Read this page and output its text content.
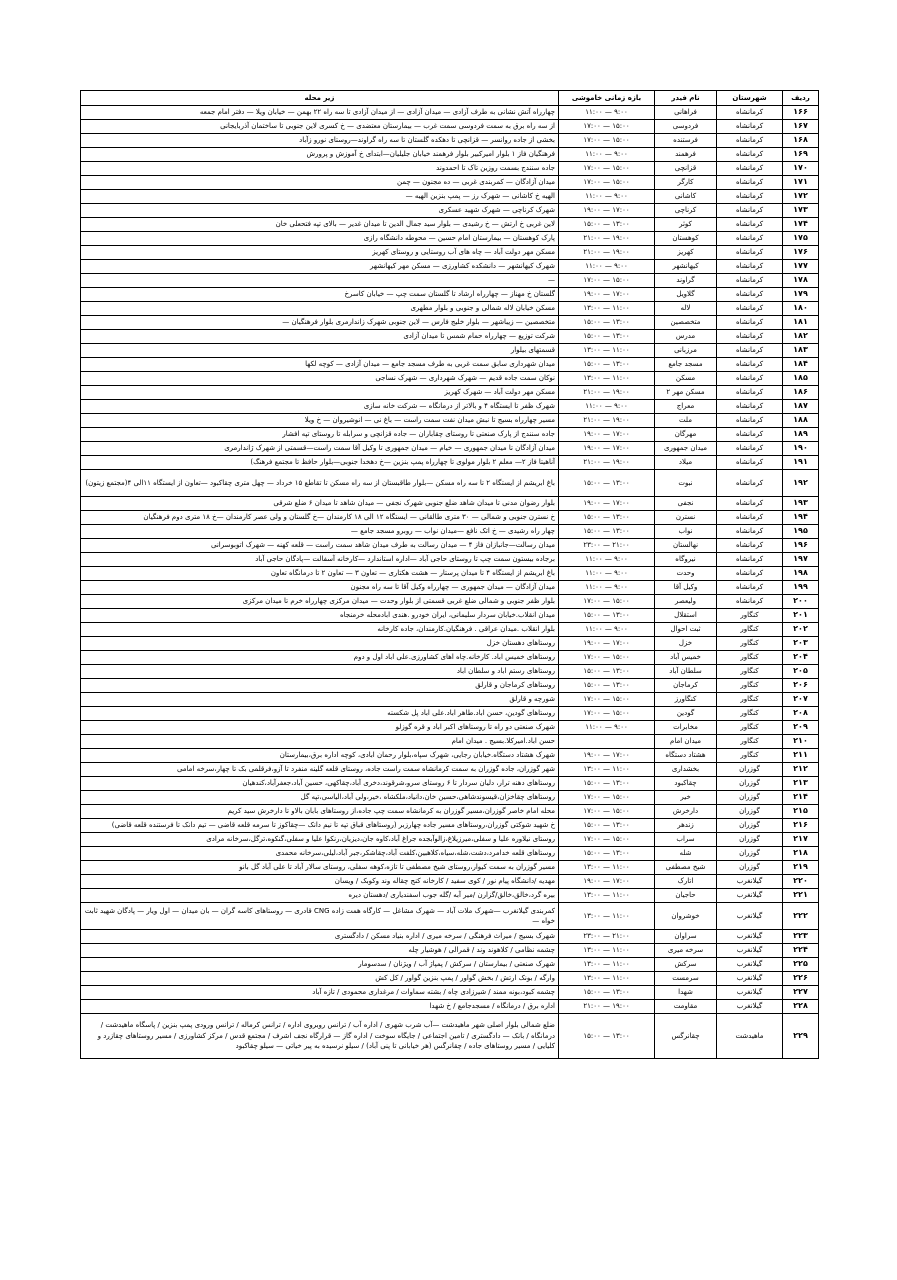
ردیف	شهرستان	نام فیدر	بازه زمانی خاموشی	زیر محله
۱۶۶	کرمانشاه	فراهانی	۹:۰۰ — ۱۱:۰۰	چهارراه آتش نشانی به طرف آزادی — میدان آزادی — از میدان آزادی تا سه راه ۲۲ بهمن — خیابان ویلا — دفتر امام جمعه
۱۶۷	کرمانشاه	فردوسی	۱۵:۰۰ — ۱۷:۰۰	از سه راه برق به سمت فردوسی سمت غرب — بیمارستان معتضدی — خ کسری لاین جنوبی تا ساختمان آذربایجانی
۱۶۸	کرمانشاه	فرستنده	۱۵:۰۰ — ۱۷:۰۰	بخشی از جاده روانسر — قزانچی تا دهکده گلستان تا سه راه گراوند—روستای نورو زآباد
۱۶۹	کرمانشاه	فرهمند	۹:۰۰ — ۱۱:۰۰	فرهنگیان فاز ۱ بلوار امیرکبیر بلوار فرهمند خیابان جلیلیان—ابتدای خ آموزش و پرورش
۱۷۰	کرمانشاه	قزانچی	۱۵:۰۰ — ۱۷:۰۰	جاده سنندج بسمت روزین تاک تا احمدوند
۱۷۱	کرمانشاه	کارگر	۱۵:۰۰ — ۱۷:۰۰	میدان آزادگان — کمربندی غربی — ده مجنون — چمن
۱۷۲	کرمانشاه	کاشانی	۹:۰۰ — ۱۱:۰۰	الهیه خ کاشانی — شهرک رز — پمپ بنزین الهیه —
۱۷۳	کرمانشاه	کرناچی	۱۷:۰۰ — ۱۹:۰۰	شهرک کرناچی — شهرک شهید عسکری
۱۷۴	کرمانشاه	کوثر	۱۳:۰۰ — ۱۵:۰۰	لاین غربی خ ارتش — خ رشیدی — بلوار سید جمال الدین تا میدان غدیر — بالای تپه فتحعلی خان
۱۷۵	کرمانشاه	کوهستان	۱۹:۰۰ — ۲۱:۰۰	پارک کوهستان — بیمارستان امام حسین — محوطه دانشگاه رازی
۱۷۶	کرمانشاه	کهریز	۱۹:۰۰ — ۲۱:۰۰	مسکن مهر دولت آباد — چاه های آب روستایی و روستای کهریز
۱۷۷	کرمانشاه	کیهانشهر	۹:۰۰ — ۱۱:۰۰	شهرک کیهانشهر — دانشکده کشاورزی — مسکن مهر کیهانشهر
۱۷۸	کرمانشاه	گراوند	۱۵:۰۰ — ۱۷:۰۰	—
۱۷۹	کرمانشاه	گلاویل	۱۷:۰۰ — ۱۹:۰۰	گلستان خ مهناز — چهارراه ارشاد تا گلستان سمت چپ — خیابان کاسرخ
۱۸۰	کرمانشاه	لاله	۱۱:۰۰ — ۱۳:۰۰	مسکن خیابان لاله شمالی و جنوبی و بلوار مطهری
۱۸۱	کرمانشاه	متخصصین	۱۳:۰۰ — ۱۵:۰۰	متخصصین — زیباشهر — بلوار خلیج فارس — لاین جنوبی شهرک زاندارمری بلوار فرهنگیان —
۱۸۲	کرمانشاه	مدرس	۱۳:۰۰ — ۱۵:۰۰	شرکت توزیع — چهارراه حمام شمس تا میدان آزادی
۱۸۳	کرمانشاه	مرزبانی	۱۱:۰۰ — ۱۳:۰۰	قسمتهای بیلوار
۱۸۴	کرمانشاه	مسجد جامع	۱۳:۰۰ — ۱۵:۰۰	میدان شهرداری سابق سمت غربی به طرف مسجد جامع — میدان آزادی — کوچه لکها
۱۸۵	کرمانشاه	مسکن	۱۱:۰۰ — ۱۳:۰۰	نوکان سمت جاده قدیم — شهرک شهرداری — شهرک نساجی
۱۸۶	کرمانشاه	مسکن مهر ۲	۱۹:۰۰ — ۲۱:۰۰	مسکن مهر دولت آباد — شهرک کهریز
۱۸۷	کرمانشاه	معراج	۹:۰۰ — ۱۱:۰۰	شهرک ظفر تا ایستگاه ۴ و بالاتر از درمانگاه — شرکت خانه سازی
۱۸۸	کرمانشاه	ملت	۱۹:۰۰ — ۲۱:۰۰	مسیر چهارراه بسیج تا نبش میدان نفت سمت راست — باغ نی — انوشیروان — خ ویلا
۱۸۹	کرمانشاه	مهرگان	۱۷:۰۰ — ۱۹:۰۰	جاده سنندج از پارک صنعتی تا روستای چقاباران — جاده قزانچی و سرابله تا روستای تپه افشار
۱۹۰	کرمانشاه	میدان جمهوری	۱۷:۰۰ — ۱۹:۰۰	میدان آزادگان تا میدان جمهوری — خیام — میدان جمهوری تا وکیل آقا سمت راست—قسمتی از شهرک ژاندارمری
۱۹۱	کرمانشاه	میلاد	۱۹:۰۰ — ۲۱:۰۰	آناهیتا فاز ۲— معلم ۲ بلوار مولوی تا چهارراه پمپ بنزین —خ دهخدا جنوبی—بلوار حافظ تا مجتمع فرهنگ)
۱۹۲	کرمانشاه	نبوت	۱۳:۰۰ — ۱۵:۰۰	باغ ابریشم از ایستگاه ۲ تا سه راه مسکن —بلوار طاقبستان از سه راه مسکن تا تقاطع ۱۵ خرداد — چهل متری چقاکبود —تعاون از ایستگاه ۱۱الی ۴(مجتمع زیتون)
۱۹۳	کرمانشاه	نجفی	۱۷:۰۰ — ۱۹:۰۰	بلوار رضوان مدنی تا میدان شاهد ضلع جنوبی شهرک نجفی — میدان شاهد تا میدان ۶ ضلع شرقی
۱۹۴	کرمانشاه	نسترن	۱۳:۰۰ — ۱۵:۰۰	خ نسترن جنوبی و شمالی — ۳۰ متری طالقانی — ایستگاه ۱۲ الی ۱۸ کارمندان —خ گلستان و ولی عصر کارمندان —خ ۱۸ متری دوم فرهنگیان
۱۹۵	کرمانشاه	نواب	۱۳:۰۰ — ۱۵:۰۰	چهار راه رشیدی — خ اتک نافع —میدان نواب — روبرو مسجد جامع —
۱۹۶	کرمانشاه	نهالستان	۲۱:۰۰ — ۲۳:۰۰	میدان رسالت—جانبازان فاز ۴ — میدان رسالت به طرف میدان شاهد سمت راست — قلعه کهنه — شهرک اتوبوسرانی
۱۹۷	کرمانشاه	نیروگاه	۹:۰۰ — ۱۱:۰۰	برجاده بیستون سمت چپ تا روستای حاجی آباد —اداره استاندارد —کارخانه آسفالت —پادگان حاجی آباد
۱۹۸	کرمانشاه	وحدت	۹:۰۰ — ۱۱:۰۰	باغ ابریشم از ایستگاه ۴ تا میدان پرستار — هشت هکتاری — تعاون ۳ — تعاون ۲ تا درمانگاه تعاون
۱۹۹	کرمانشاه	وکیل آقا	۹:۰۰ — ۱۱:۰۰	میدان آزادگان — میدان جمهوری — چهارراه وکیل آقا تا سه راه مجنون
۲۰۰	کرمانشاه	ولیعصر	۱۵:۰۰ — ۱۷:۰۰	بلوار ظفر جنوبی و شمالی ضلع غربی قسمتی از بلوار وحدت — میدان مرکزی چهارراه خرم تا میدان مرکزی
۲۰۱	کنگاور	استقلال	۱۳:۰۰ — ۱۵:۰۰	میدان انقلاب.خیابان سردار سلیمانی، ایران خودرو .هندی ابادمحله خرمنجاه
۲۰۲	کنگاور	ثبت احوال	۹:۰۰ — ۱۱:۰۰	بلوار انقلاب .میدان عراقی . فرهنگیان.کارمندان، جاده کارخانه
۲۰۳	کنگاور	خزل	۱۷:۰۰ — ۱۹:۰۰	روستاهای دهستان خزل
۲۰۴	کنگاور	خمیس آباد	۱۵:۰۰ — ۱۷:۰۰	روستاهای خمیس اباد. کارخانه.چاه اهای کشاورزی.علی اباد اول و دوم
۲۰۵	کنگاور	سلطان آباد	۱۳:۰۰ — ۱۵:۰۰	روستاهای رستم اباد و سلطان اباد
۲۰۶	کنگاور	کرماجان	۱۳:۰۰ — ۱۵:۰۰	روستاهای کرماجان و قارلق
۲۰۷	کنگاور	کنگاورز	۱۵:۰۰ — ۱۷:۰۰	شورچه و قارلق
۲۰۸	کنگاور	گودین	۱۵:۰۰ — ۱۷:۰۰	روستاهای گودین، حسن اباد.طاهر اباد.علی اباد پل شکسته
۲۰۹	کنگاور	مخابرات	۹:۰۰ — ۱۱:۰۰	شهرک صنعتی دو راه تا روستاهای اکبر اباد و قره گوزلو
۲۱۰	کنگاور	میدان امام		حسن اباد.امیرکلا.بسیج . میدان امام
۲۱۱	کنگاور	هشتاد دستگاه	۱۷:۰۰ — ۱۹:۰۰	شهرک هشتاد دستگاه.خیابان رجایی، شهرک سپاه،بلوار رحمان ابادی، کوچه اداره برق،بیمارستان
۲۱۲	گوزران	بخشداری	۱۱:۰۰ — ۱۳:۰۰	شهر گوزران، جاده گوزران به سمت کرمانشاه سمت راست جاده، روستای قلعه گلینه منفرد تا آزو،فرقلمی بک تا چهار،سرخه امامی
۲۱۳	گوزران	چقاکبود	۱۳:۰۰ — ۱۵:۰۰	روستاهای دهنه ترار، دلیان سردار تا ۶ روستای سرو،شرقوند،دخری آباد،چقاکهی، حسین آباد،جعفرآباد،کندهیان
۲۱۴	گوزران	خیر	۱۵:۰۰ — ۱۷:۰۰	روستاهای چقاخزان،قیسوندشاهی،حسین خان،دانیاد،ملکشاه ،خیر،ولی آباد،الیاسی،تپه گل
۲۱۵	گوزران	دارخرش	۱۵:۰۰ — ۱۷:۰۰	محله امام خاصر گوزران،مسیر گوزران به کرمانشاه سمت چپ جاده،از روستاهای بابان بالاو تا دارخرش سید کریم
۲۱۶	گوزران	زندهر	۱۳:۰۰ — ۱۵:۰۰	خ شهید شوکتی گوزران،روستاهای مسیر جاده چهارزبر (روستاهای قباق تپه تا نیم دانک —چقاکوز تا سرمه قلعه قاضی — تیم دانک تا فرستنده قلعه قاضی)
۲۱۷	گوزران	سراب	۱۵:۰۰ — ۱۷:۰۰	روستای نیلاوره علیا و سفلی،میرزیلاغ،زالوآبجده جراغ آباد،کاوه جان،دیزیان،رنکوا علیا و سفلی،گنکوه،ترگل،سرخانه مرادی
۲۱۸	گوزران	شله	۱۳:۰۰ — ۱۵:۰۰	روستاهای قلعه خدامرد،دشت،شله،سیاه،کلاهبین،کلفت آباد،چقاشکر،جبر آباد،لیلی،سرخانه محمدی
۲۱۹	گوزران	شیخ مصطفی	۱۱:۰۰ — ۱۳:۰۰	مسیر گوزران به سمت کیوار،روستای شیخ مصطفی تا تازه،کوهه سفلی، روستای سالار آباد تا علی آباد گل بانو
۲۲۰	گیلانغرب	اتارک	۱۷:۰۰ — ۱۹:۰۰	مهدیه /دانشگاه پیام نور / کوی سفید / کارخانه کنج چقاله وند وکوبک / ویسان
۲۲۱	گیلانغرب	حاجیان	۱۱:۰۰ — ۱۳:۰۰	بیره گرد،خالق،خالق/گزارن /میر آبه /گله جوب اسفندیاری /دهستان دیره
۲۲۲	گیلانغرب	خوشروان	۱۱:۰۰ — ۱۳:۰۰	کمربندی گیلانغرب —شهرک ملات آباد — شهرک مشاغل — کارگاه همت زاده CNG قادری — روستاهای کاسه گران — بان میدان — اول ویار — پادگان شهید ثابت خواه —
۲۲۳	گیلانغرب	سراوان	۲۱:۰۰ — ۲۳:۰۰	شهرک بسیج / میراث فرهنگی / سرخه میری / اداره بنیاد مسکن / دادگستری
۲۲۴	گیلانغرب	سرخه میری	۱۱:۰۰ — ۱۳:۰۰	چشمه نظامی / کلاهوند وند / قمرالی / هوشیار چله
۲۲۵	گیلانغرب	سرکش	۱۱:۰۰ — ۱۳:۰۰	شهرک صنعتی / بیمارستان / سرکش / پمپاژ آب / ویژنان / سدسومار
۲۲۶	گیلانغرب	سرمست	۱۱:۰۰ — ۱۳:۰۰	وارگه / بونک ارتش / بخش گواور / پمپ بنزین گواور / کل کش
۲۲۷	گیلانغرب	شهدا	۱۳:۰۰ — ۱۵:۰۰	چشمه کبود،بونه ممند / شیرزادی چاه / بشته سماوات / مرغداری محمودی / تازه آباد
۲۲۸	گیلانغرب	مقاومت	۱۹:۰۰ — ۲۱:۰۰	اداره برق / درمانگاه / مسجدجامع / خ شهدا
۲۲۹	ماهیدشت	چقانرگس	۱۳:۰۰ — ۱۵:۰۰	ضلع شمالی بلوار اصلی شهر ماهیدشت —آب شرب شهری / اداره آب / ترانس روبروی اداره / ترانس کرماله / ترانس ورودی پمپ بنزین / پاسگاه ماهیدشت / درمانگاه / بانک — دادگستری / تامین اجتماعی / جایگاه سوخت / اداره گاز — قرارگاه نجف اشرف / مجتمع قدس / مرکز کشاورزی / مسیر روستاهای چقازرد و کلیایی / مسیر روستاهای جاده / چقانرگس (هر خیابانی تا پنی آباد) / سیلو نرسیده به پیر خیاتی — سیلو چقاکبود
